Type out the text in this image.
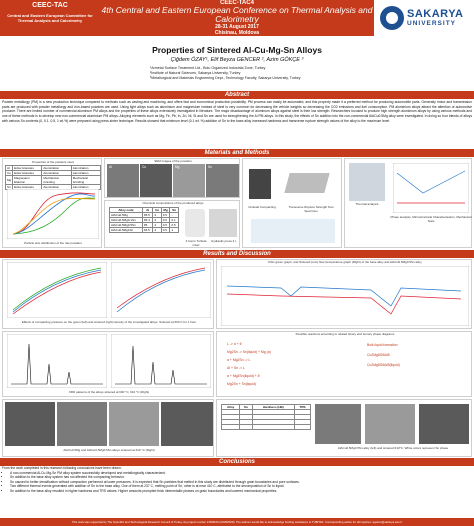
CEEC-TAC
Central and Eastern European Committee for Thermal Analysis and Calorimetry
CEEC-TAC4
4th Central and Eastern European Conference on Thermal Analysis and Calorimetry
28-31 August 2017
Chisinau, Moldova
SAKARYA
UNIVERSITY
Properties of Sintered Al-Cu-Mg-Sn Alloys
Çiğdem ÖZAY¹, Elif Beyza GENCER ², Azim GÖKÇE ³
¹Armetal Surface Treatment Ltd., Bolu Organized Industrial Zone, Turkey
²Institute of Natural Sciences, Sakarya University, Turkey
³Metallurgical and Materials Engineering Dept., Technology Faculty, Sakarya University, Turkey
Abstract
Powder metallurgy (PM) is a new production technique compared to methods such as casting and machining, and offers fast and economical production possibility. PM process can easily be automated, and this property made it a preferred method for producing automobile parts. Generally motor and transmission parts are produced with powder metallurgy and iron-based powders are used. Using light alloys such as aluminium and magnesium instead of steel is very common for decreasing the vehicle weights so decreasing the CO2 emissions and fuel consumption. PM aluminium alloys attract the attention of automotive producer. There are limited number of commercial aluminum PM alloys and the properties of these alloys extensively investigated in literature. The major disadvantage of aluminum alloys against steel is their low strength. Researchers focused to produce high strength aluminium alloys by using various methods and one of these methods is to develop new non-commercial aluminium PM alloys. Alloying elements such as Mg, Fe, Pb, In, Zn, Ni, Si and Sn are used for strengthening the Al PM alloys. In this study, the effects of Sn addition into the non-commercial AlACu0.5Mg alloy were investigated. In doing so four blends of alloys with various Sn contents (0, 0.1, 0.5, 1 wt.%) were prepared using press-sinter technique. Results showed that minimum level (0.1 wt. %) addition of Sn to the base alloy increased hardness and transverse rupture strength values of the alloy to the maximum level.
Materials and Methods
Properties of the powders used
Al	Ecka Granules	Atomization	Atomization
Cu	Ecka Granules	Atomization	Atomization
Mg	Magnesium Elektron	Mechanical Grinding	Mechanical Grinding
Sn	Ecka Granules	Atomization	Atomization
Particle size distribution of the raw powders
SEM images of the powders
Al	Cu	Mg	Sn
Chemical compositions of the produced alloys
Alloy code	Al	Cu	Mg	Sn
AlACu0.5Mg	95.5	4	0.5	-
AlACu0.5Mg0.1Sn	95.4	4	0.5	0.1
AlACu0.5Mg0.5Sn	95	4	0.5	0.5
AlACu0.5Mg1Sn	94.5	4	0.5	1
3 hours Turbula mixer
Hydraulic press 4 t.
Uniaxial Compacting	Transverse Rupture Strength Test Specimen
Thermal analysis
Phase analysis, Microstructural Characterisation, Mechanical Tests
Results and Discussion
Effects of compacting pressure on the green (left) and sintered (right) density of the investigated alloys. Sintered at 600 C for 1 hour
DSC green graph, and Sintered (rum) flow (temperature graph (Right) of the base alloy and AlACu0.5Mg0.5Sn alloy
XRD patterns of the alloys sintered at 600 °C, 610 °C (Right)
Possible reactions according to related binary and ternary phase diagrams
L -> α + θ
Mg2Sn -> Sn(liquid) + Mg (α)
α + Mg2Sn -> L
Al + Sn -> L
α + Mg2Sn(liquid) + θ
Mg2Sn + Sn(liquid)
Bulk liquid formation
Cu2Mg8Si6Al5
Cu2Mg8Si6Al5(liquid)
AlACu0.5Mg and AlACu0.5Mg0.5Sn alloys sintered at 610 °C (Right)
Alloy	Sn	Hardness (HB)	TRS

AlACu0.5Mg0.5Sn alloy (left) and sintered 610°C. White colors represent Sn phase
Conclusions
From the work completed in this research following conclusions have been drawn:
• A non-commercial Al-Cu-Mg-Sn PM alloy system successfully developed and metallurgically characterized.
• Sn addition to the base alloy system has not affected the compacting behavior.
• Sn caused to better densification without compaction performed at lower pressures. It is expected that Sn particles that melted in this study are distributed through grain boundaries and pore surfaces.
• Two different thermal events generated with addition of Sn to the base alloy. One of them at 237 C, melting point of Sn, other is at near 410 C, attributed to the decomposition of Sn to liquid.
• Sn addition to the base alloy resulted in higher hardness and TRS values. Higher amounts prompted thick intermetallic phases on grain boundaries and lowered mechanical properties.
This work was supported by The Scientific and Technological Research Council of Turkey via project number 215M109 (2015M109). The authors would like to acknowledge funding assistance to TUBITAK. Corresponding author for all inquiries: agokce@sakarya.edu.tr
